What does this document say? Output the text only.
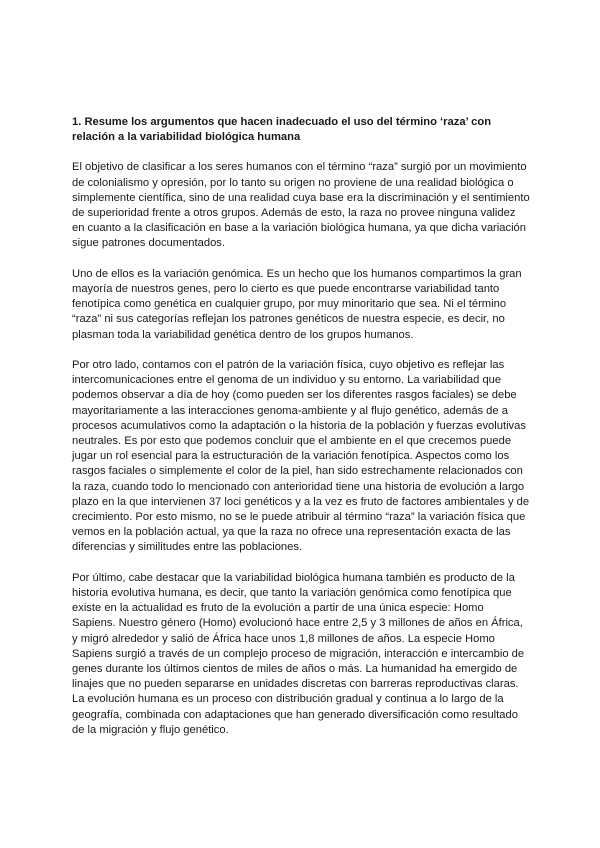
1. Resume los argumentos que hacen inadecuado el uso del término ‘raza’ con relación a la variabilidad biológica humana

El objetivo de clasificar a los seres humanos con el término “raza” surgió por un movimiento de colonialismo y opresión, por lo tanto su origen no proviene de una realidad biológica o simplemente científica, sino de una realidad cuya base era la discriminación y el sentimiento de superioridad frente a otros grupos. Además de esto, la raza no provee ninguna validez en cuanto a la clasificación en base a la variación biológica humana, ya que dicha variación sigue patrones documentados.

Uno de ellos es la variación genómica. Es un hecho que los humanos compartimos la gran mayoría de nuestros genes, pero lo cierto es que puede encontrarse variabilidad tanto fenotípica como genética en cualquier grupo, por muy minoritario que sea. Ni el término “raza” ni sus categorías reflejan los patrones genéticos de nuestra especie, es decir, no plasman toda la variabilidad genética dentro de los grupos humanos.

Por otro lado, contamos con el patrón de la variación física, cuyo objetivo es reflejar las intercomunicaciones entre el genoma de un individuo y su entorno. La variabilidad que podemos observar a día de hoy (como pueden ser los diferentes rasgos faciales) se debe mayoritariamente a las interacciones genoma-ambiente y al flujo genético, además de a procesos acumulativos como la adaptación o la historia de la población y fuerzas evolutivas neutrales. Es por esto que podemos concluir que el ambiente en el que crecemos puede jugar un rol esencial para la estructuración de la variación fenotípica. Aspectos como los rasgos faciales o simplemente el color de la piel, han sido estrechamente relacionados con la raza, cuando todo lo mencionado con anterioridad tiene una historia de evolución a largo plazo en la que intervienen 37 loci genéticos y a la vez es fruto de factores ambientales y de crecimiento. Por esto mismo, no se le puede atribuir al término “raza” la variación física que vemos en la población actual, ya que la raza no ofrece una representación exacta de las diferencias y similitudes entre las poblaciones.

Por último, cabe destacar que la variabilidad biológica humana también es producto de la historia evolutiva humana, es decir, que tanto la variación genómica como fenotípica que existe en la actualidad es fruto de la evolución a partir de una única especie: Homo Sapiens. Nuestro género (Homo) evolucionó hace entre 2,5 y 3 millones de años en África, y migró alrededor y salió de África hace unos 1,8 millones de años. La especie Homo Sapiens surgió a través de un complejo proceso de migración, interacción e intercambio de genes durante los últimos cientos de miles de años o más. La humanidad ha emergido de linajes que no pueden separarse en unidades discretas con barreras reproductivas claras. La evolución humana es un proceso con distribución gradual y continua a lo largo de la geografía, combinada con adaptaciones que han generado diversificación como resultado de la migración y flujo genético.
